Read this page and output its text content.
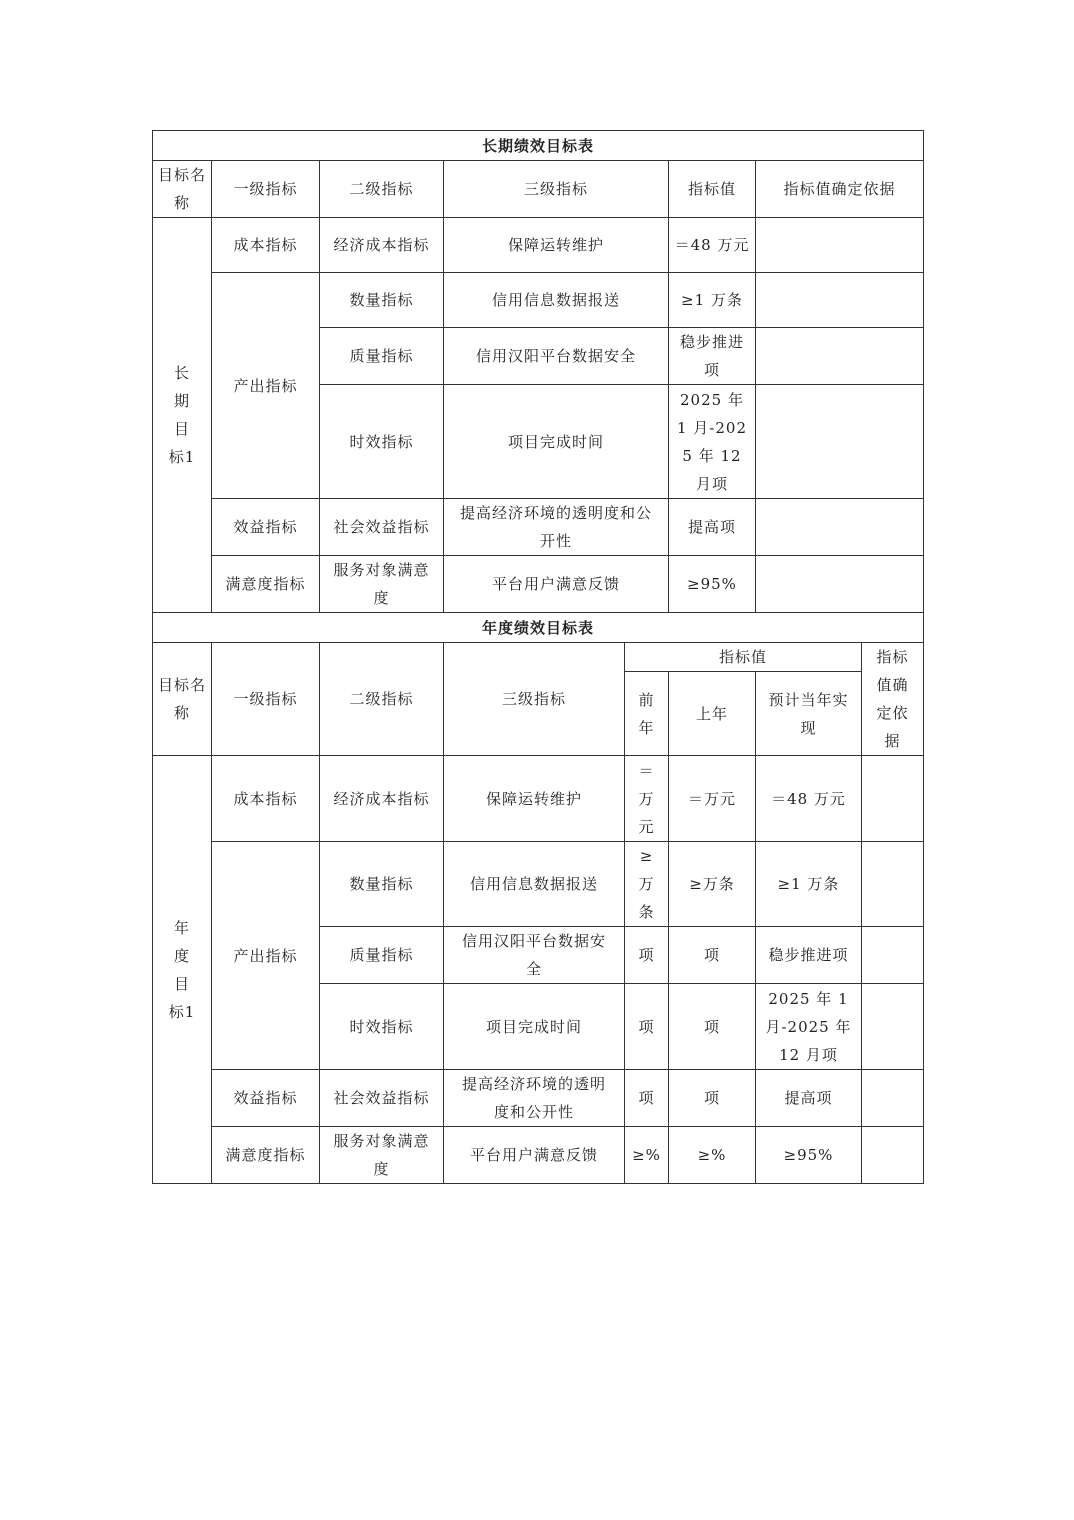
长期绩效目标表					
目标名称	一级指标	二级指标	三级指标	指标值	指标值确定依据
长期目标1	成本指标	经济成本指标	保障运转维护	＝48 万元	
	产出指标	数量指标	信用信息数据报送	≥1 万条	
		质量指标	信用汉阳平台数据安全	稳步推进项	
		时效指标	项目完成时间	2025 年 1 月-2025 年 12 月项	
	效益指标	社会效益指标	提高经济环境的透明度和公开性	提高项	
	满意度指标	服务对象满意度	平台用户满意反馈	≥95%	
年度绩效目标表							
目标名称	一级指标	二级指标	三级指标	指标值			指标值确定依据
				前年	上年	预计当年实现	
年度目标1	成本指标	经济成本指标	保障运转维护	＝万元	＝万元	＝48 万元	
	产出指标	数量指标	信用信息数据报送	≥万条	≥万条	≥1 万条	
		质量指标	信用汉阳平台数据安全	项	项	稳步推进项	
		时效指标	项目完成时间	项	项	2025 年 1 月-2025 年 12 月项	
	效益指标	社会效益指标	提高经济环境的透明度和公开性	项	项	提高项	
	满意度指标	服务对象满意度	平台用户满意反馈	≥%	≥%	≥95%	
